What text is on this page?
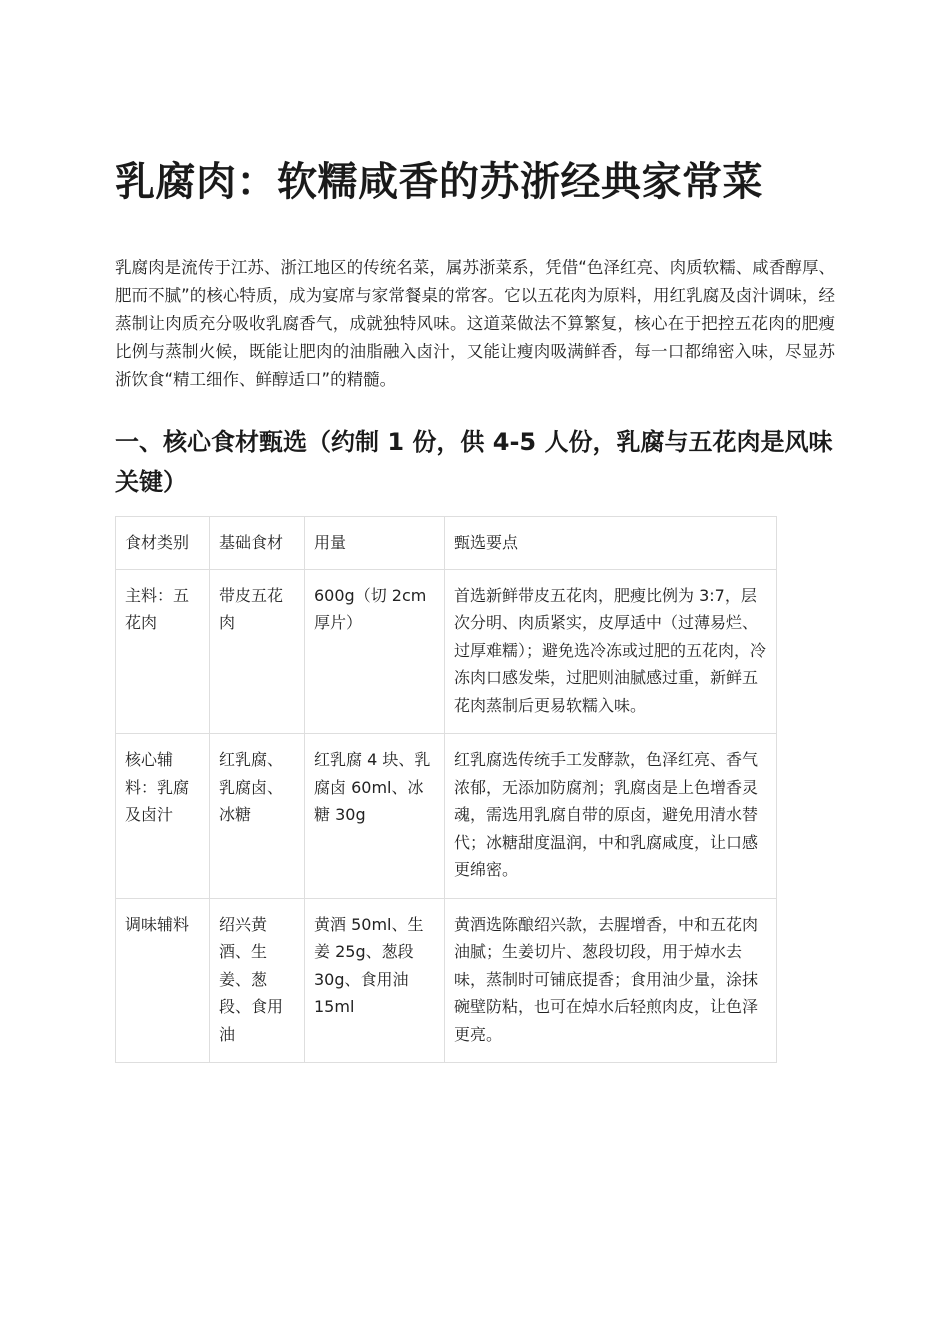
乳腐肉：软糯咸香的苏浙经典家常菜

乳腐肉是流传于江苏、浙江地区的传统名菜，属苏浙菜系，凭借“色泽红亮、肉质软糯、咸香醇厚、肥而不腻”的核心特质，成为宴席与家常餐桌的常客。它以五花肉为原料，用红乳腐及卤汁调味，经蒸制让肉质充分吸收乳腐香气，成就独特风味。这道菜做法不算繁复，核心在于把控五花肉的肥瘦比例与蒸制火候，既能让肥肉的油脂融入卤汁，又能让瘦肉吸满鲜香，每一口都绵密入味，尽显苏浙饮食“精工细作、鲜醇适口”的精髓。

一、核心食材甄选（约制 1 份，供 4-5 人份，乳腐与五花肉是风味关键）
食材类别	基础食材	用量	甄选要点
主料：五花肉	带皮五花肉	600g（切 2cm 厚片）	首选新鲜带皮五花肉，肥瘦比例为 3:7，层次分明、肉质紧实，皮厚适中（过薄易烂、过厚难糯）；避免选冷冻或过肥的五花肉，冷冻肉口感发柴，过肥则油腻感过重，新鲜五花肉蒸制后更易软糯入味。
核心辅料：乳腐及卤汁	红乳腐、乳腐卤、冰糖	红乳腐 4 块、乳腐卤 60ml、冰糖 30g	红乳腐选传统手工发酵款，色泽红亮、香气浓郁，无添加防腐剂；乳腐卤是上色增香灵魂，需选用乳腐自带的原卤，避免用清水替代；冰糖甜度温润，中和乳腐咸度，让口感更绵密。
调味辅料	绍兴黄酒、生姜、葱段、食用油	黄酒 50ml、生姜 25g、葱段 30g、食用油 15ml	黄酒选陈酿绍兴款，去腥增香，中和五花肉油腻；生姜切片、葱段切段，用于焯水去味，蒸制时可铺底提香；食用油少量，涂抹碗壁防粘，也可在焯水后轻煎肉皮，让色泽更亮。
